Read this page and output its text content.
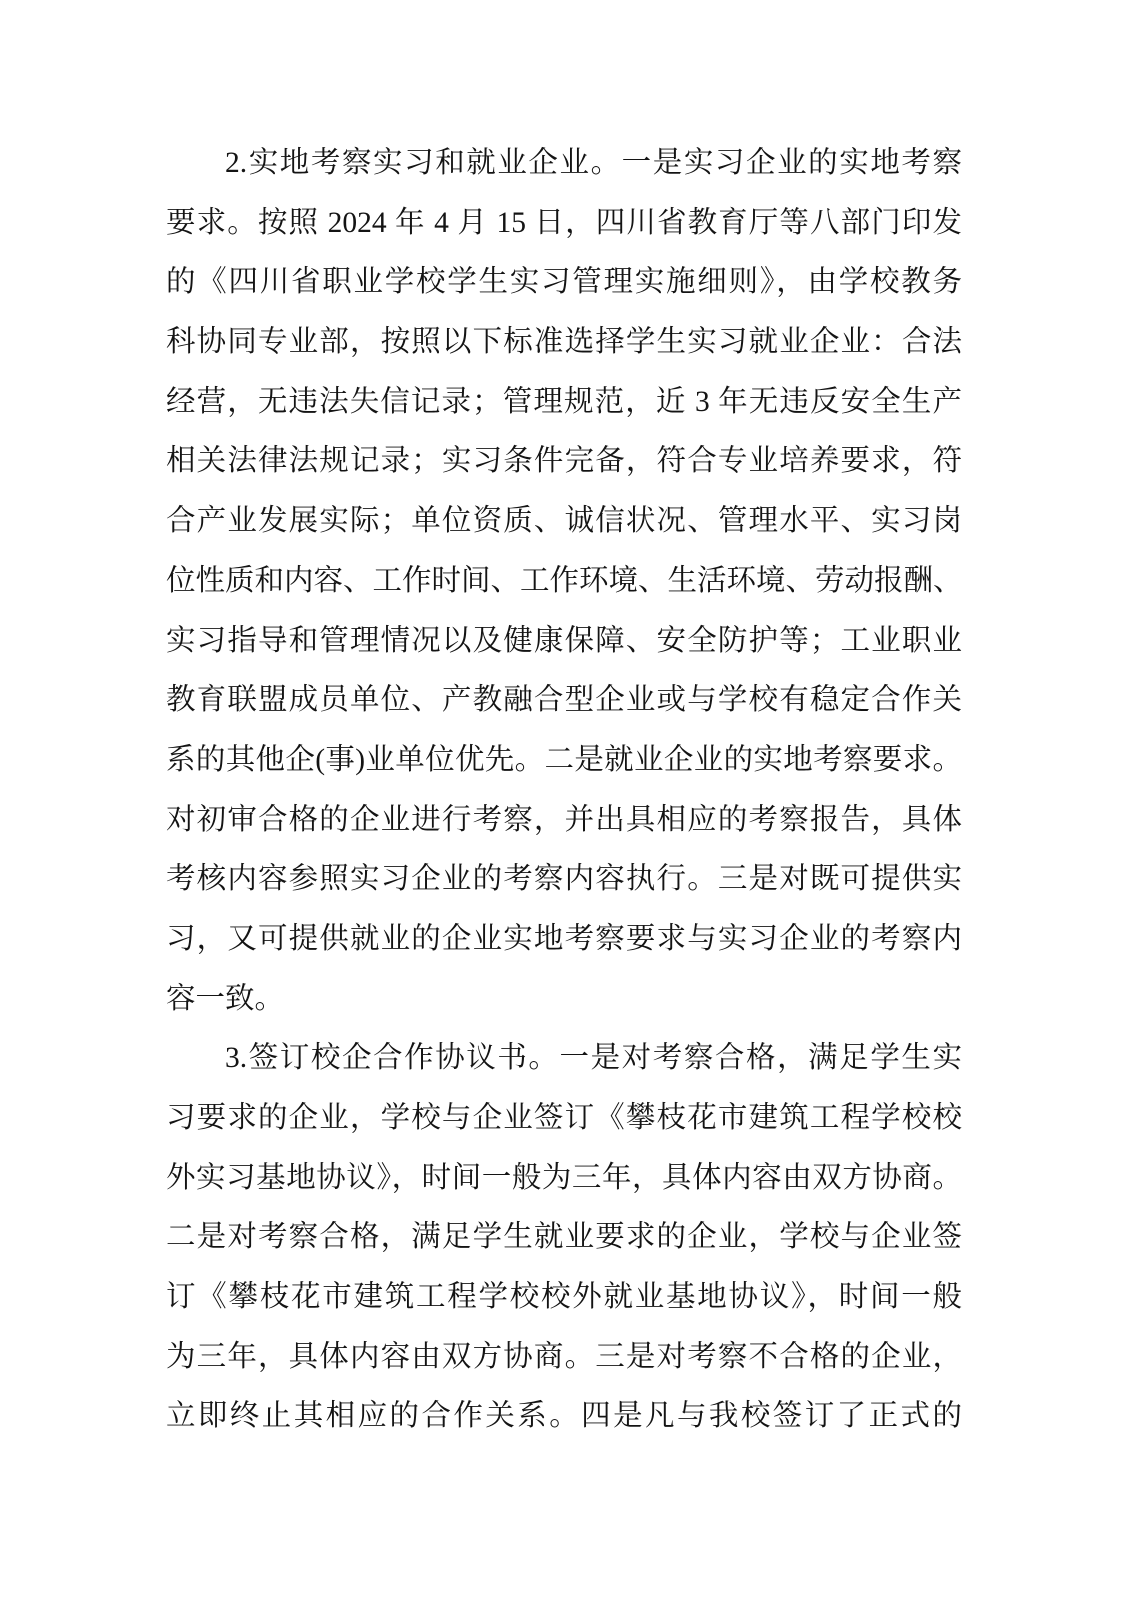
2.实地考察实习和就业企业。一是实习企业的实地考察
要求。按照 2024 年 4 月 15 日，四川省教育厅等八部门印发
的《四川省职业学校学生实习管理实施细则》，由学校教务
科协同专业部，按照以下标准选择学生实习就业企业：合法
经营，无违法失信记录；管理规范，近 3 年无违反安全生产
相关法律法规记录；实习条件完备，符合专业培养要求，符
合产业发展实际；单位资质、诚信状况、管理水平、实习岗
位性质和内容、工作时间、工作环境、生活环境、劳动报酬、
实习指导和管理情况以及健康保障、安全防护等；工业职业
教育联盟成员单位、产教融合型企业或与学校有稳定合作关
系的其他企(事)业单位优先。二是就业企业的实地考察要求。
对初审合格的企业进行考察，并出具相应的考察报告，具体
考核内容参照实习企业的考察内容执行。三是对既可提供实
习，又可提供就业的企业实地考察要求与实习企业的考察内
容一致。
3.签订校企合作协议书。一是对考察合格，满足学生实
习要求的企业，学校与企业签订《攀枝花市建筑工程学校校
外实习基地协议》，时间一般为三年，具体内容由双方协商。
二是对考察合格，满足学生就业要求的企业，学校与企业签
订《攀枝花市建筑工程学校校外就业基地协议》，时间一般
为三年，具体内容由双方协商。三是对考察不合格的企业，
立即终止其相应的合作关系。四是凡与我校签订了正式的
